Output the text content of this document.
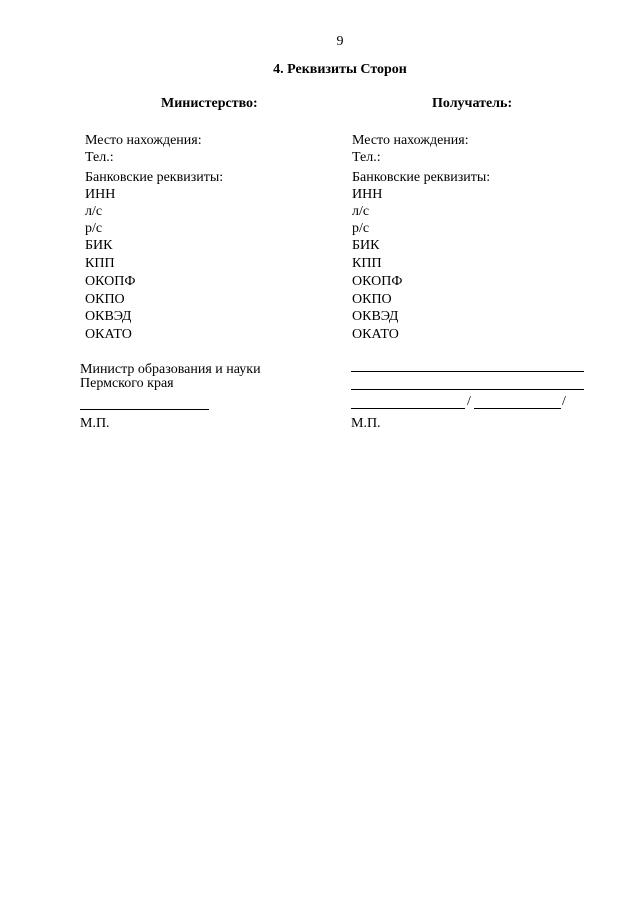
9
4. Реквизиты Сторон
Министерство:	Получатель:
Место нахождения:
Тел.:
Банковские реквизиты:
ИНН
л/с
р/с
БИК
КПП
ОКОПФ
ОКПО
ОКВЭД
ОКАТО
Место нахождения:
Тел.:
Банковские реквизиты:
ИНН
л/с
р/с
БИК
КПП
ОКОПФ
ОКПО
ОКВЭД
ОКАТО
Министр образования и науки
Пермского края
М.П.
/	/
М.П.
